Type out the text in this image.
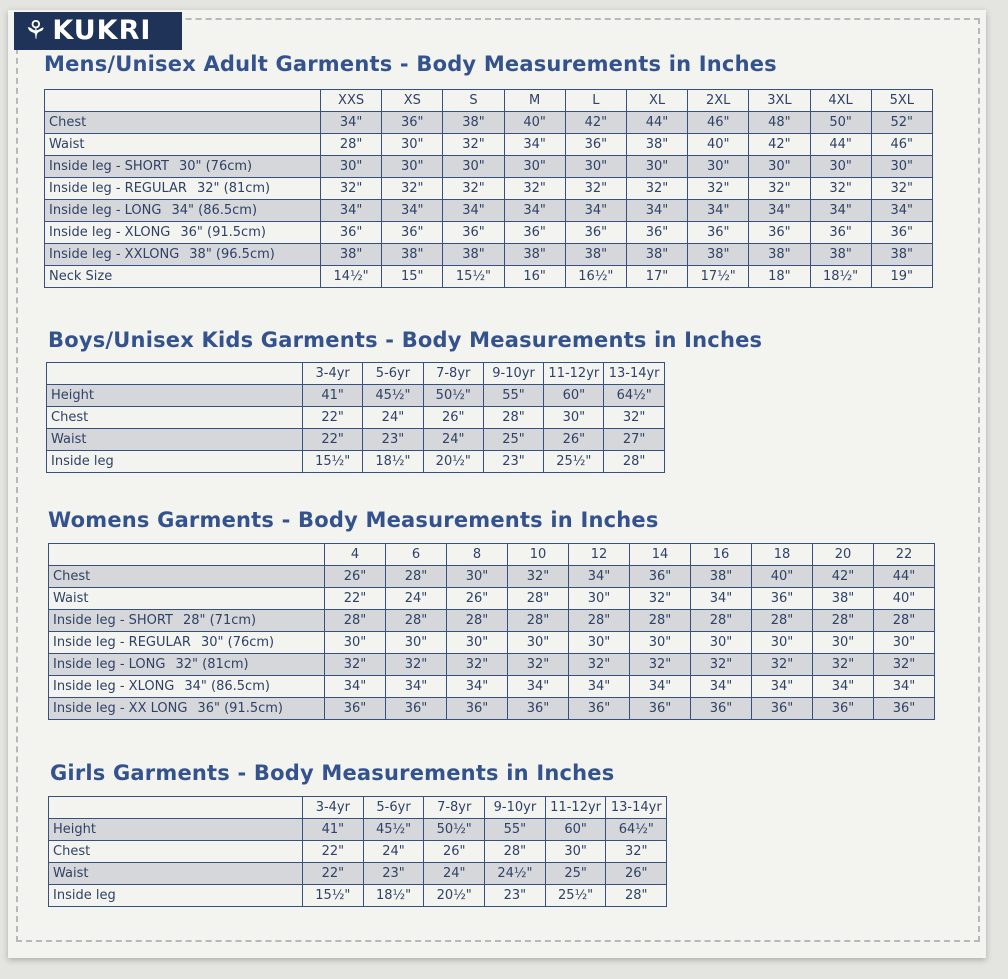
⚘ KUKRI
Mens/Unisex Adult Garments - Body Measurements in Inches
	XXS	XS	S	M	L	XL	2XL	3XL	4XL	5XL
Chest	34"	36"	38"	40"	42"	44"	46"	48"	50"	52"
Waist	28"	30"	32"	34"	36"	38"	40"	42"	44"	46"
Inside leg - SHORT 30" (76cm)	30"	30"	30"	30"	30"	30"	30"	30"	30"	30"
Inside leg - REGULAR 32" (81cm)	32"	32"	32"	32"	32"	32"	32"	32"	32"	32"
Inside leg - LONG 34" (86.5cm)	34"	34"	34"	34"	34"	34"	34"	34"	34"	34"
Inside leg - XLONG 36" (91.5cm)	36"	36"	36"	36"	36"	36"	36"	36"	36"	36"
Inside leg - XXLONG 38" (96.5cm)	38"	38"	38"	38"	38"	38"	38"	38"	38"	38"
Neck Size	14½"	15"	15½"	16"	16½"	17"	17½"	18"	18½"	19"
Boys/Unisex Kids Garments - Body Measurements in Inches
	3-4yr	5-6yr	7-8yr	9-10yr	11-12yr	13-14yr
Height	41"	45½"	50½"	55"	60"	64½"
Chest	22"	24"	26"	28"	30"	32"
Waist	22"	23"	24"	25"	26"	27"
Inside leg	15½"	18½"	20½"	23"	25½"	28"
Womens Garments - Body Measurements in Inches
	4	6	8	10	12	14	16	18	20	22
Chest	26"	28"	30"	32"	34"	36"	38"	40"	42"	44"
Waist	22"	24"	26"	28"	30"	32"	34"	36"	38"	40"
Inside leg - SHORT 28" (71cm)	28"	28"	28"	28"	28"	28"	28"	28"	28"	28"
Inside leg - REGULAR 30" (76cm)	30"	30"	30"	30"	30"	30"	30"	30"	30"	30"
Inside leg - LONG 32" (81cm)	32"	32"	32"	32"	32"	32"	32"	32"	32"	32"
Inside leg - XLONG 34" (86.5cm)	34"	34"	34"	34"	34"	34"	34"	34"	34"	34"
Inside leg - XX LONG 36" (91.5cm)	36"	36"	36"	36"	36"	36"	36"	36"	36"	36"
Girls Garments - Body Measurements in Inches
	3-4yr	5-6yr	7-8yr	9-10yr	11-12yr	13-14yr
Height	41"	45½"	50½"	55"	60"	64½"
Chest	22"	24"	26"	28"	30"	32"
Waist	22"	23"	24"	24½"	25"	26"
Inside leg	15½"	18½"	20½"	23"	25½"	28"
